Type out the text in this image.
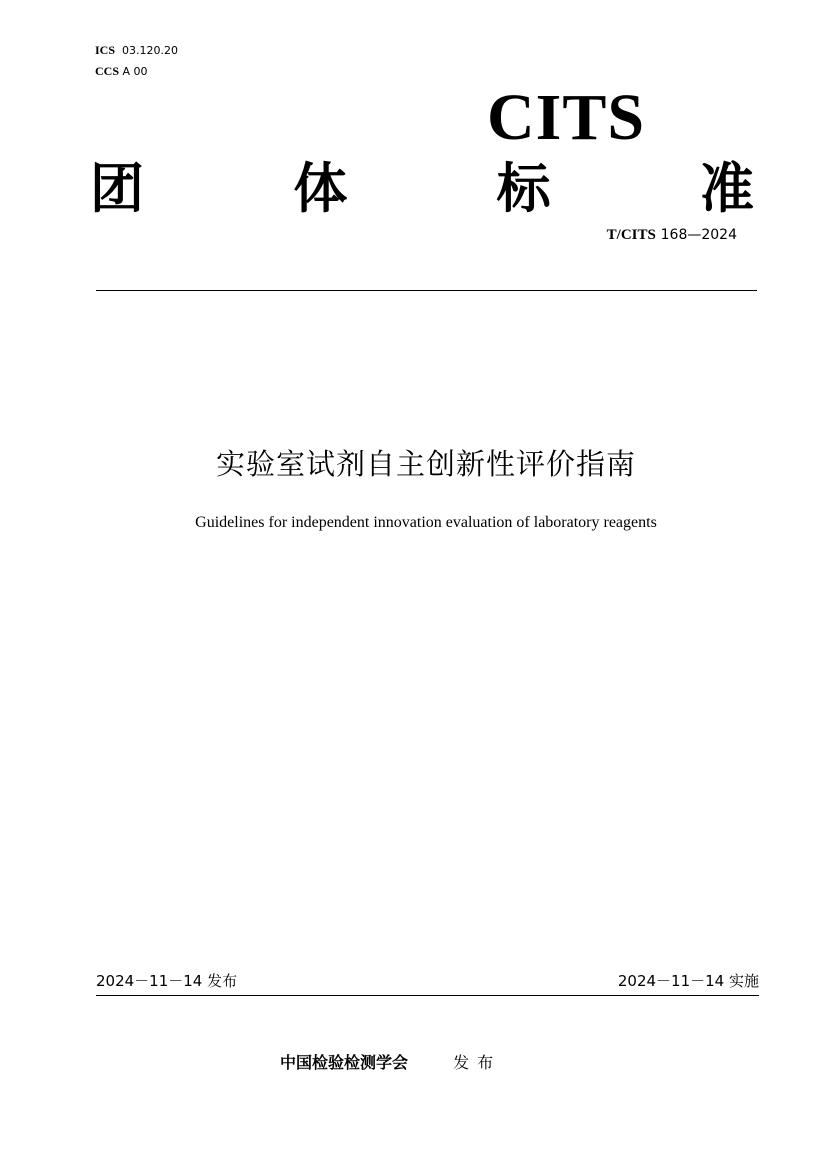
ICS 03.120.20
CCS A 00
CITS
团	体	标	准
T/CITS 168—2024
实验室试剂自主创新性评价指南
Guidelines for independent innovation evaluation of laboratory reagents
2024－11－14 发布	2024－11－14 实施
中国检验检测学会	发布
